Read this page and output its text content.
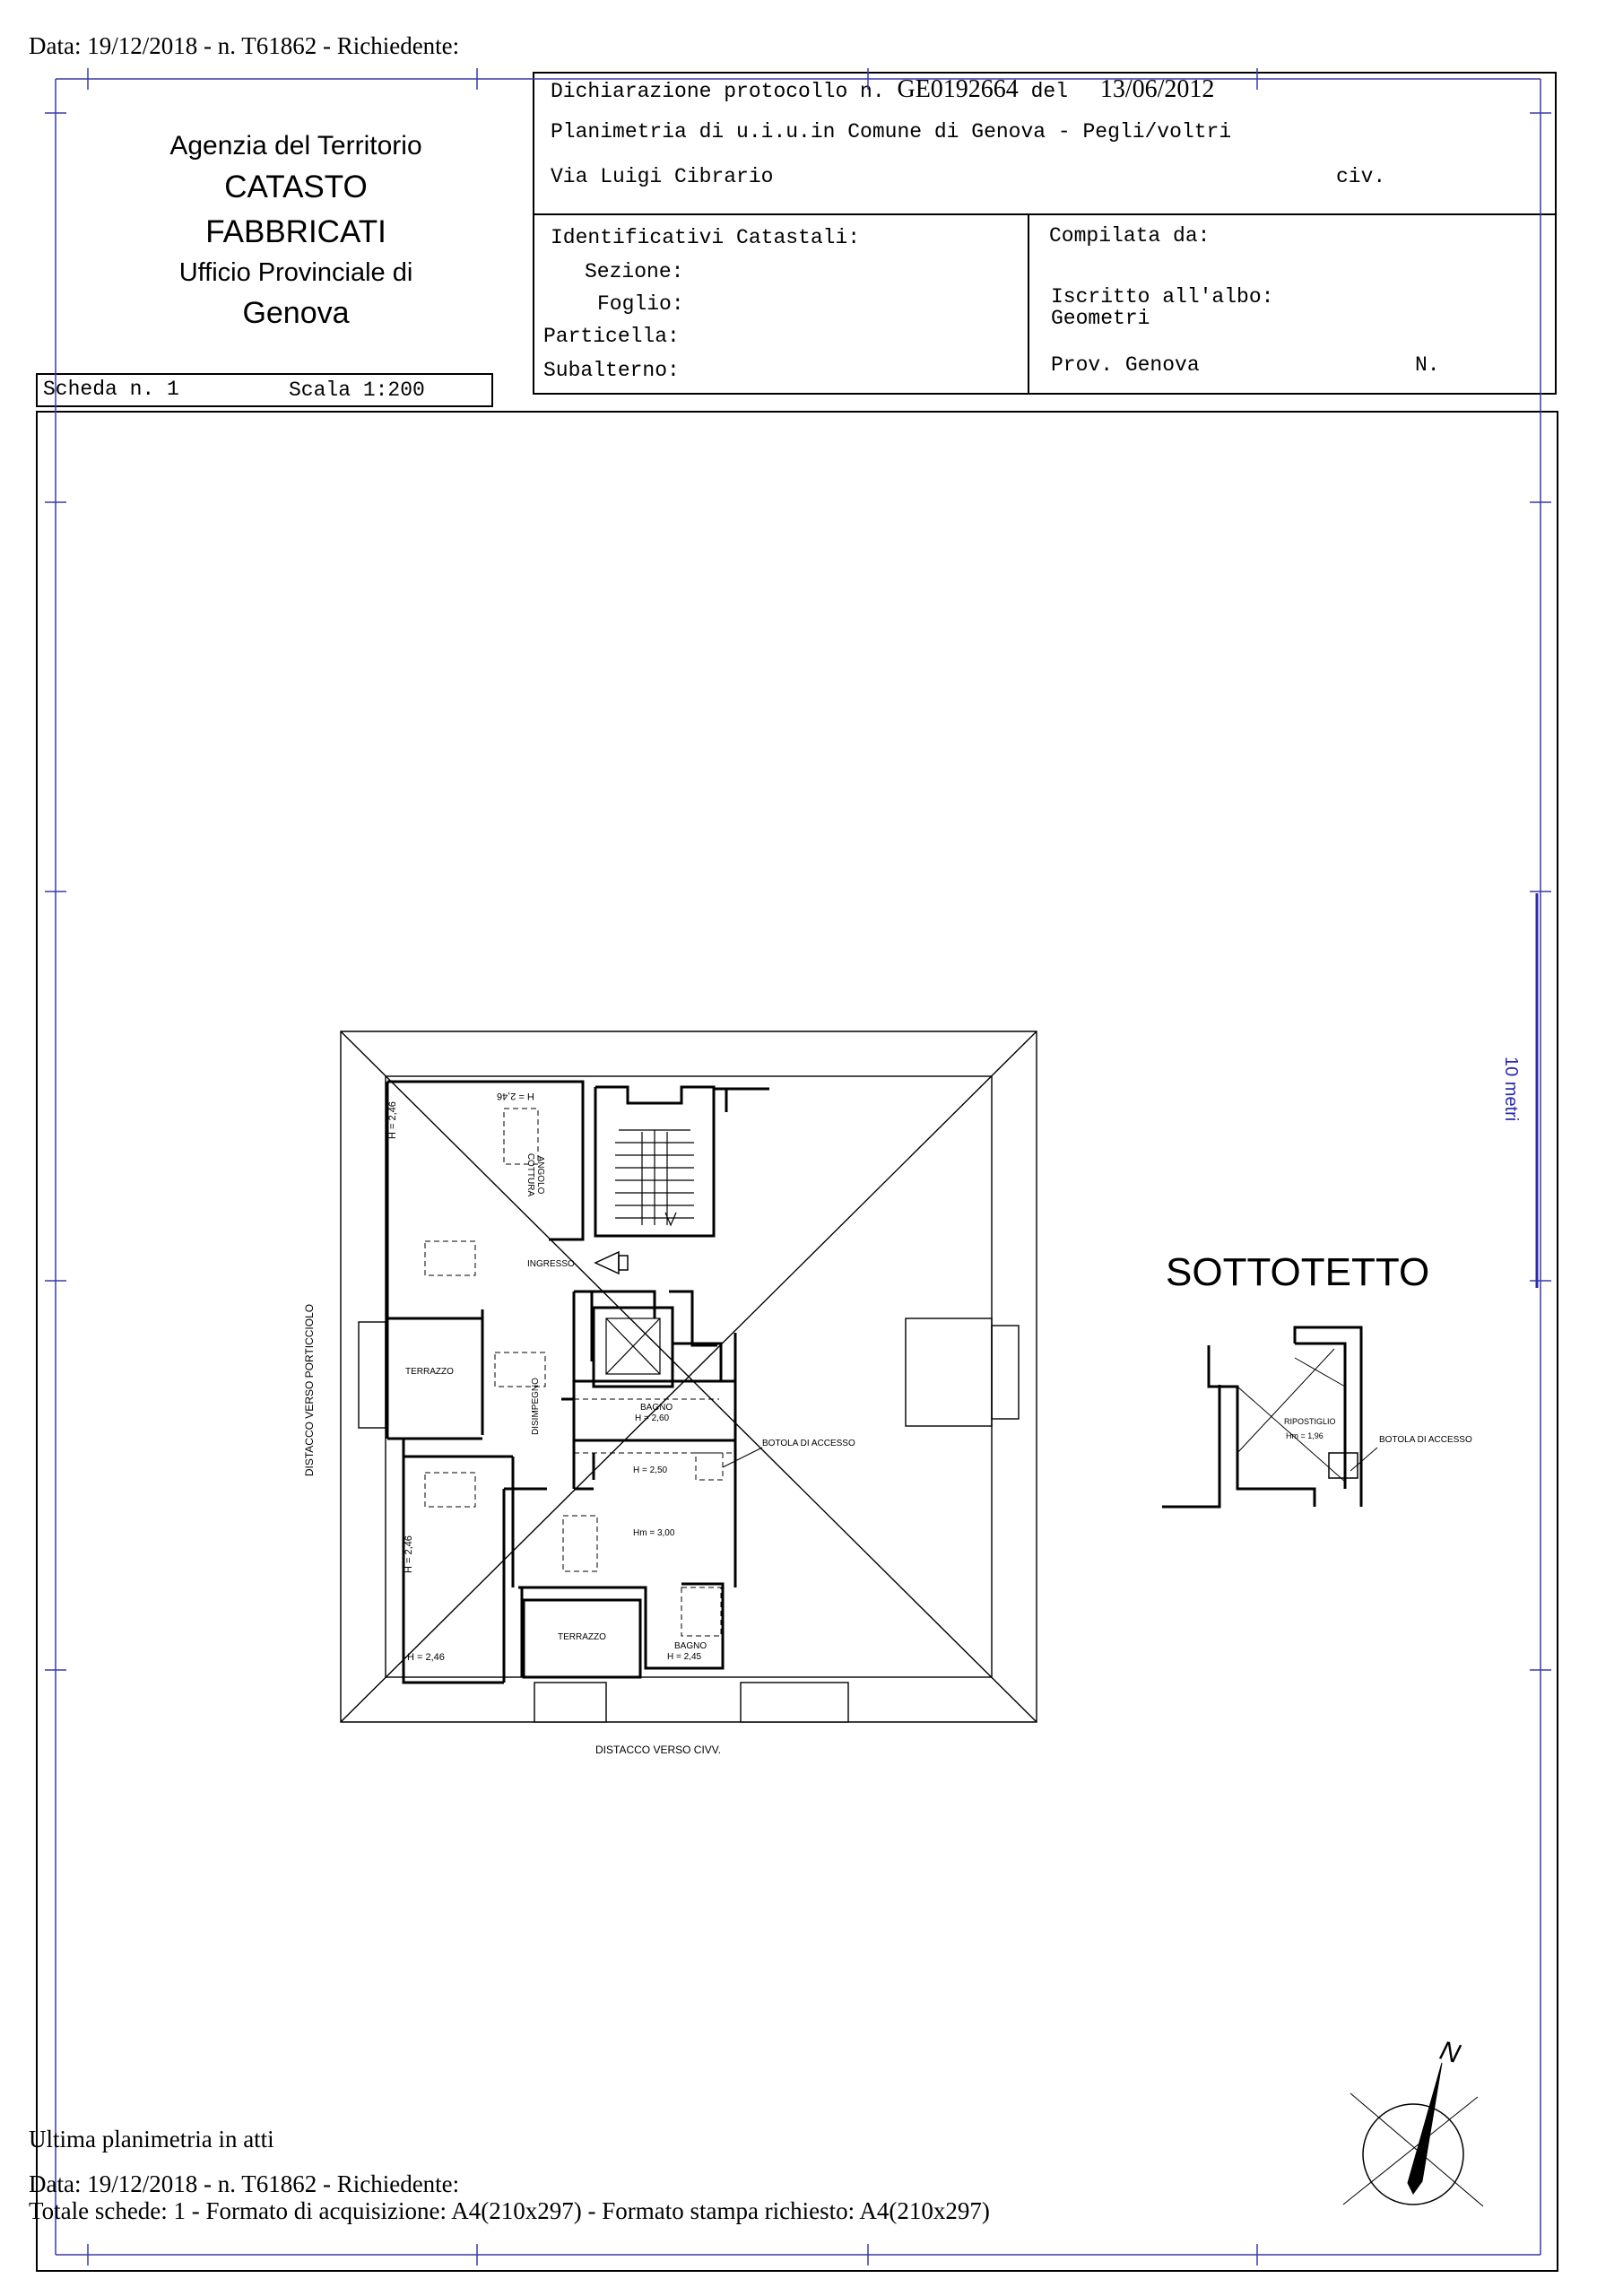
Data: 19/12/2018 - n. T61862 - Richiedente:
Agenzia del Territorio
CATASTO FABBRICATI
Ufficio Provinciale di
Genova
Dichiarazione protocollo n. GE0192664 del 13/06/2012
Planimetria di u.i.u.in Comune di Genova - Pegli/voltri
Via Luigi Cibrario	civ.
Identificativi Catastali:
Sezione:
Foglio:
Particella:
Subalterno:
Compilata da:
Iscritto all'albo:
Geometri
Prov. Genova	N.
Scheda n. 1	Scala 1:200
SOTTOTETTO
H = 2,46
H = 2,46
ANGOLO COTTURA
INGRESSO
TERRAZZO
BAGNO
H = 2,60
BOTOLA DI ACCESSO
DISIMPEGNO
H = 2,50
Hm = 3,00
H = 2,46
H = 2,46
TERRAZZO
BAGNO
H = 2,45
DISTACCO VERSO PORTICCIOLO
DISTACCO VERSO CIVV.
RIPOSTIGLIO
Hm = 1,96	BOTOLA DI ACCESSO
N
10 metri
Ultima planimetria in atti
Data: 19/12/2018 - n. T61862 - Richiedente:
Totale schede: 1 - Formato di acquisizione: A4(210x297) - Formato stampa richiesto: A4(210x297)
